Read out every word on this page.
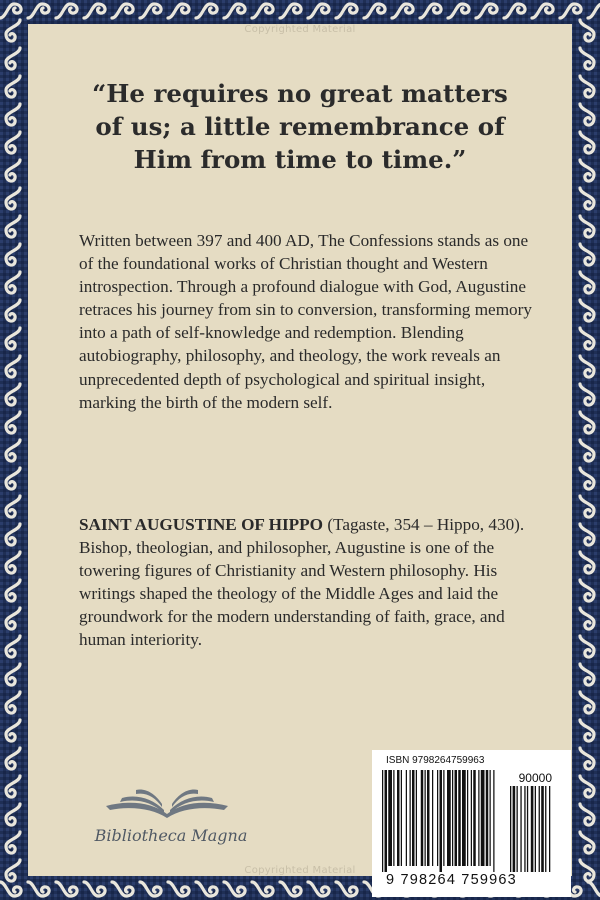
Copyrighted Material
Copyrighted Material
“He requires no great matters of us; a little remembrance of Him from time to time.”
Written between 397 and 400 AD, The Confessions stands as one of the foundational works of Christian thought and Western introspection. Through a profound dialogue with God, Augustine retraces his journey from sin to conversion, transforming memory into a path of self-knowledge and redemption. Blending autobiography, philosophy, and theology, the work reveals an unprecedented depth of psychological and spiritual insight, marking the birth of the modern self.
SAINT AUGUSTINE OF HIPPO (Tagaste, 354 – Hippo, 430). Bishop, theologian, and philosopher, Augustine is one of the towering figures of Christianity and Western philosophy. His writings shaped the theology of the Middle Ages and laid the groundwork for the modern understanding of faith, grace, and human interiority.
Bibliotheca Magna
ISBN 9798264759963
90000
9 798264 759963
